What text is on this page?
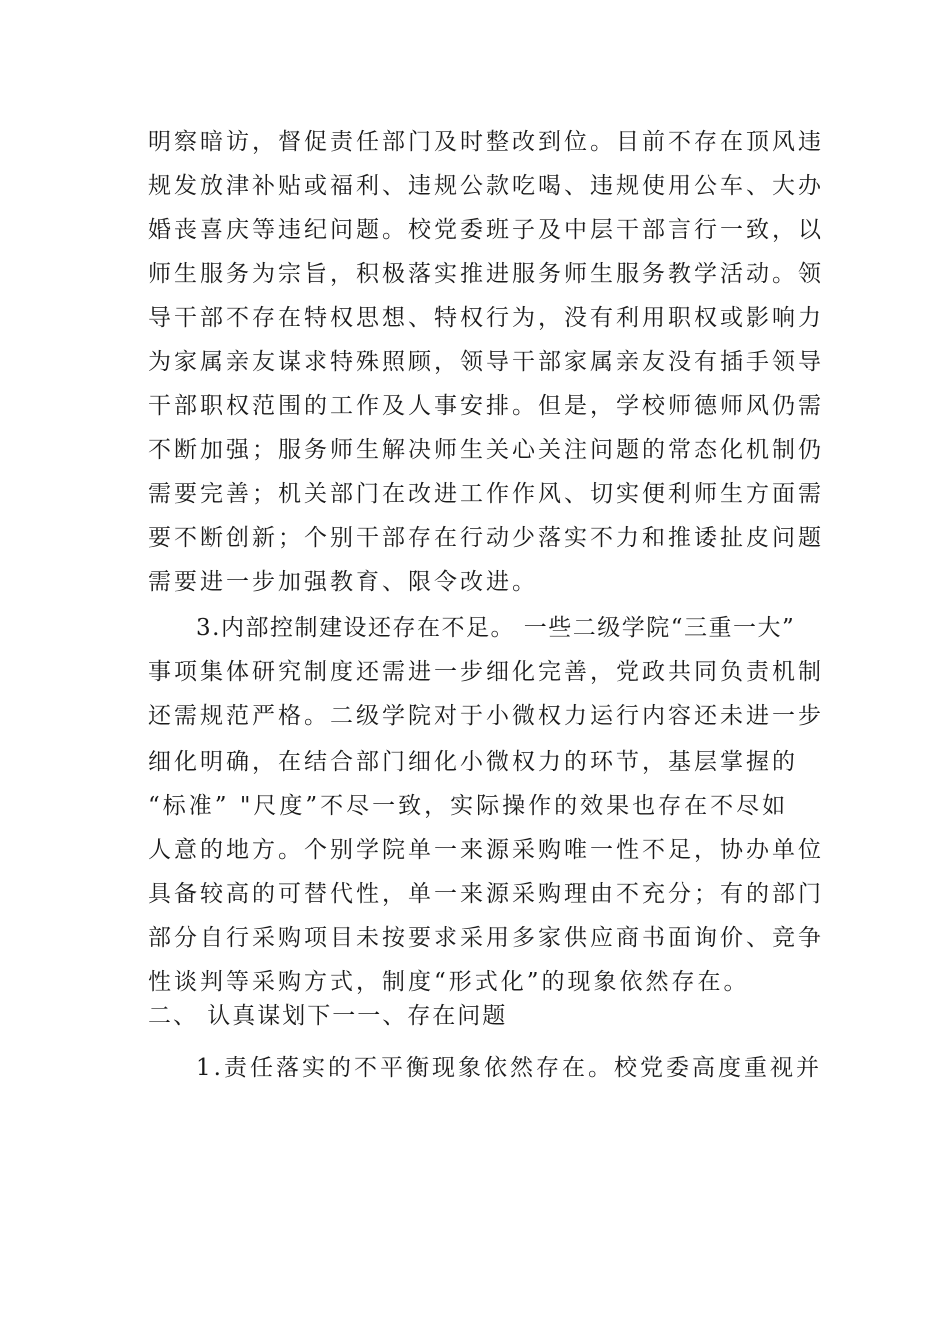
明察暗访，督促责任部门及时整改到位。目前不存在顶风违
规发放津补贴或福利、违规公款吃喝、违规使用公车、大办
婚丧喜庆等违纪问题。校党委班子及中层干部言行一致，以
师生服务为宗旨，积极落实推进服务师生服务教学活动。领
导干部不存在特权思想、特权行为，没有利用职权或影响力
为家属亲友谋求特殊照顾，领导干部家属亲友没有插手领导
干部职权范围的工作及人事安排。但是，学校师德师风仍需
不断加强；服务师生解决师生关心关注问题的常态化机制仍
需要完善；机关部门在改进工作作风、切实便利师生方面需
要不断创新；个别干部存在行动少落实不力和推诿扯皮问题
需要进一步加强教育、限令改进。
3.内部控制建设还存在不足。 一些二级学院“三重一大”
事项集体研究制度还需进一步细化完善，党政共同负责机制
还需规范严格。二级学院对于小微权力运行内容还未进一步
细化明确，在结合部门细化小微权力的环节，基层掌握的
“标准” "尺度”不尽一致，实际操作的效果也存在不尽如
人意的地方。个别学院单一来源采购唯一性不足，协办单位
具备较高的可替代性，单一来源采购理由不充分；有的部门
部分自行采购项目未按要求采用多家供应商书面询价、竞争
性谈判等采购方式，制度“形式化”的现象依然存在。
二、 认真谋划下一一、存在问题
1.责任落实的不平衡现象依然存在。校党委高度重视并
